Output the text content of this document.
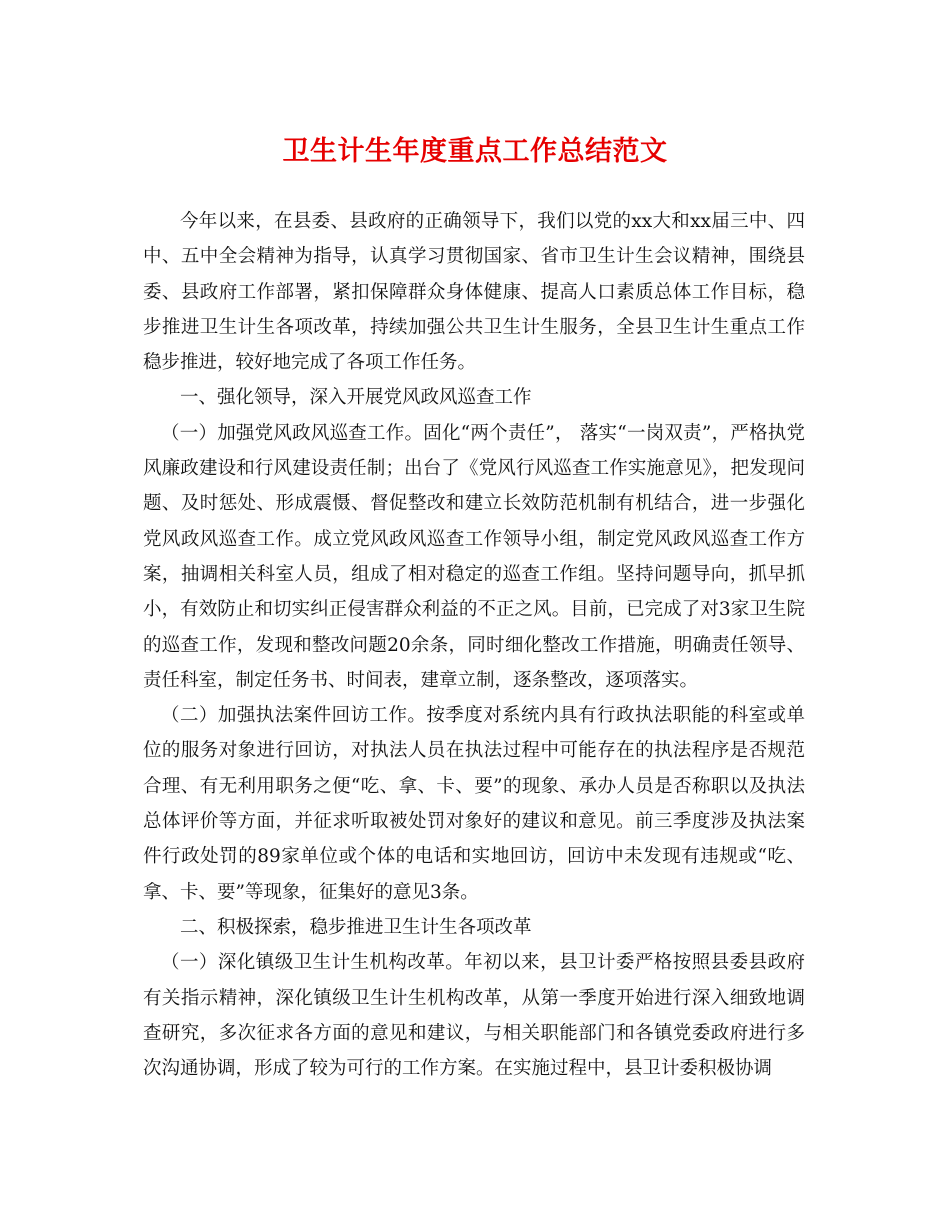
卫生计生年度重点工作总结范文

今年以来，在县委、县政府的正确领导下，我们以党的xx大和xx届三中、四中、五中全会精神为指导，认真学习贯彻国家、省市卫生计生会议精神，围绕县委、县政府工作部署，紧扣保障群众身体健康、提高人口素质总体工作目标，稳步推进卫生计生各项改革，持续加强公共卫生计生服务，全县卫生计生重点工作稳步推进，较好地完成了各项工作任务。

一、强化领导，深入开展党风政风巡查工作

（一）加强党风政风巡查工作。固化“两个责任”， 落实“一岗双责”，严格执党风廉政建设和行风建设责任制；出台了《党风行风巡查工作实施意见》，把发现问题、及时惩处、形成震慑、督促整改和建立长效防范机制有机结合，进一步强化党风政风巡查工作。成立党风政风巡查工作领导小组，制定党风政风巡查工作方案，抽调相关科室人员，组成了相对稳定的巡查工作组。坚持问题导向，抓早抓小，有效防止和切实纠正侵害群众利益的不正之风。目前，已完成了对3家卫生院的巡查工作，发现和整改问题20余条，同时细化整改工作措施，明确责任领导、责任科室，制定任务书、时间表，建章立制，逐条整改，逐项落实。

（二）加强执法案件回访工作。按季度对系统内具有行政执法职能的科室或单位的服务对象进行回访，对执法人员在执法过程中可能存在的执法程序是否规范合理、有无利用职务之便“吃、拿、卡、要”的现象、承办人员是否称职以及执法总体评价等方面，并征求听取被处罚对象好的建议和意见。前三季度涉及执法案件行政处罚的89家单位或个体的电话和实地回访，回访中未发现有违规或“吃、拿、卡、要”等现象，征集好的意见3条。

二、积极探索，稳步推进卫生计生各项改革

（一）深化镇级卫生计生机构改革。年初以来，县卫计委严格按照县委县政府有关指示精神，深化镇级卫生计生机构改革，从第一季度开始进行深入细致地调查研究，多次征求各方面的意见和建议，与相关职能部门和各镇党委政府进行多次沟通协调，形成了较为可行的工作方案。在实施过程中，县卫计委积极协调
